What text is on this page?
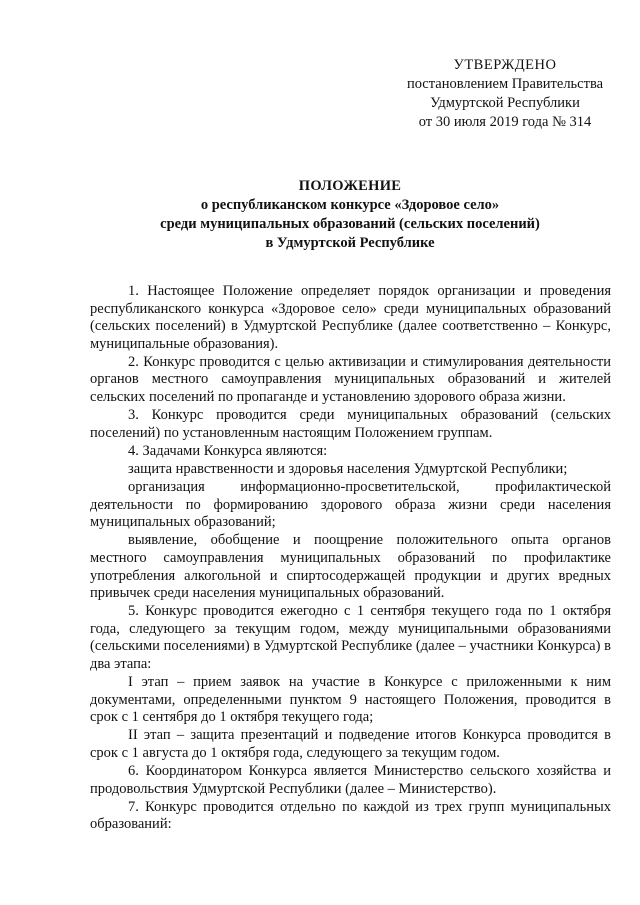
УТВЕРЖДЕНО
постановлением Правительства
Удмуртской Республики
от 30 июля 2019 года № 314
ПОЛОЖЕНИЕ
о республиканском конкурсе «Здоровое село»
среди муниципальных образований (сельских поселений)
в Удмуртской Республике

1. Настоящее Положение определяет порядок организации и проведения республиканского конкурса «Здоровое село» среди муниципальных образований (сельских поселений) в Удмуртской Республике (далее соответственно – Конкурс, муниципальные образования).

2. Конкурс проводится с целью активизации и стимулирования деятельности органов местного самоуправления муниципальных образований и жителей сельских поселений по пропаганде и установлению здорового образа жизни.

3. Конкурс проводится среди муниципальных образований (сельских поселений) по установленным настоящим Положением группам.

4. Задачами Конкурса являются:

защита нравственности и здоровья населения Удмуртской Республики;

организация информационно-просветительской, профилактической деятельности по формированию здорового образа жизни среди населения муниципальных образований;

выявление, обобщение и поощрение положительного опыта органов местного самоуправления муниципальных образований по профилактике употребления алкогольной и спиртосодержащей продукции и других вредных привычек среди населения муниципальных образований.

5. Конкурс проводится ежегодно с 1 сентября текущего года по 1 октября года, следующего за текущим годом, между муниципальными образованиями (сельскими поселениями) в Удмуртской Республике (далее – участники Конкурса) в два этапа:

I этап – прием заявок на участие в Конкурсе с приложенными к ним документами, определенными пунктом 9 настоящего Положения, проводится в срок с 1 сентября до 1 октября текущего года;

II этап – защита презентаций и подведение итогов Конкурса проводится в срок с 1 августа до 1 октября года, следующего за текущим годом.

6. Координатором Конкурса является Министерство сельского хозяйства и продовольствия Удмуртской Республики (далее – Министерство).

7. Конкурс проводится отдельно по каждой из трех групп муниципальных образований:
